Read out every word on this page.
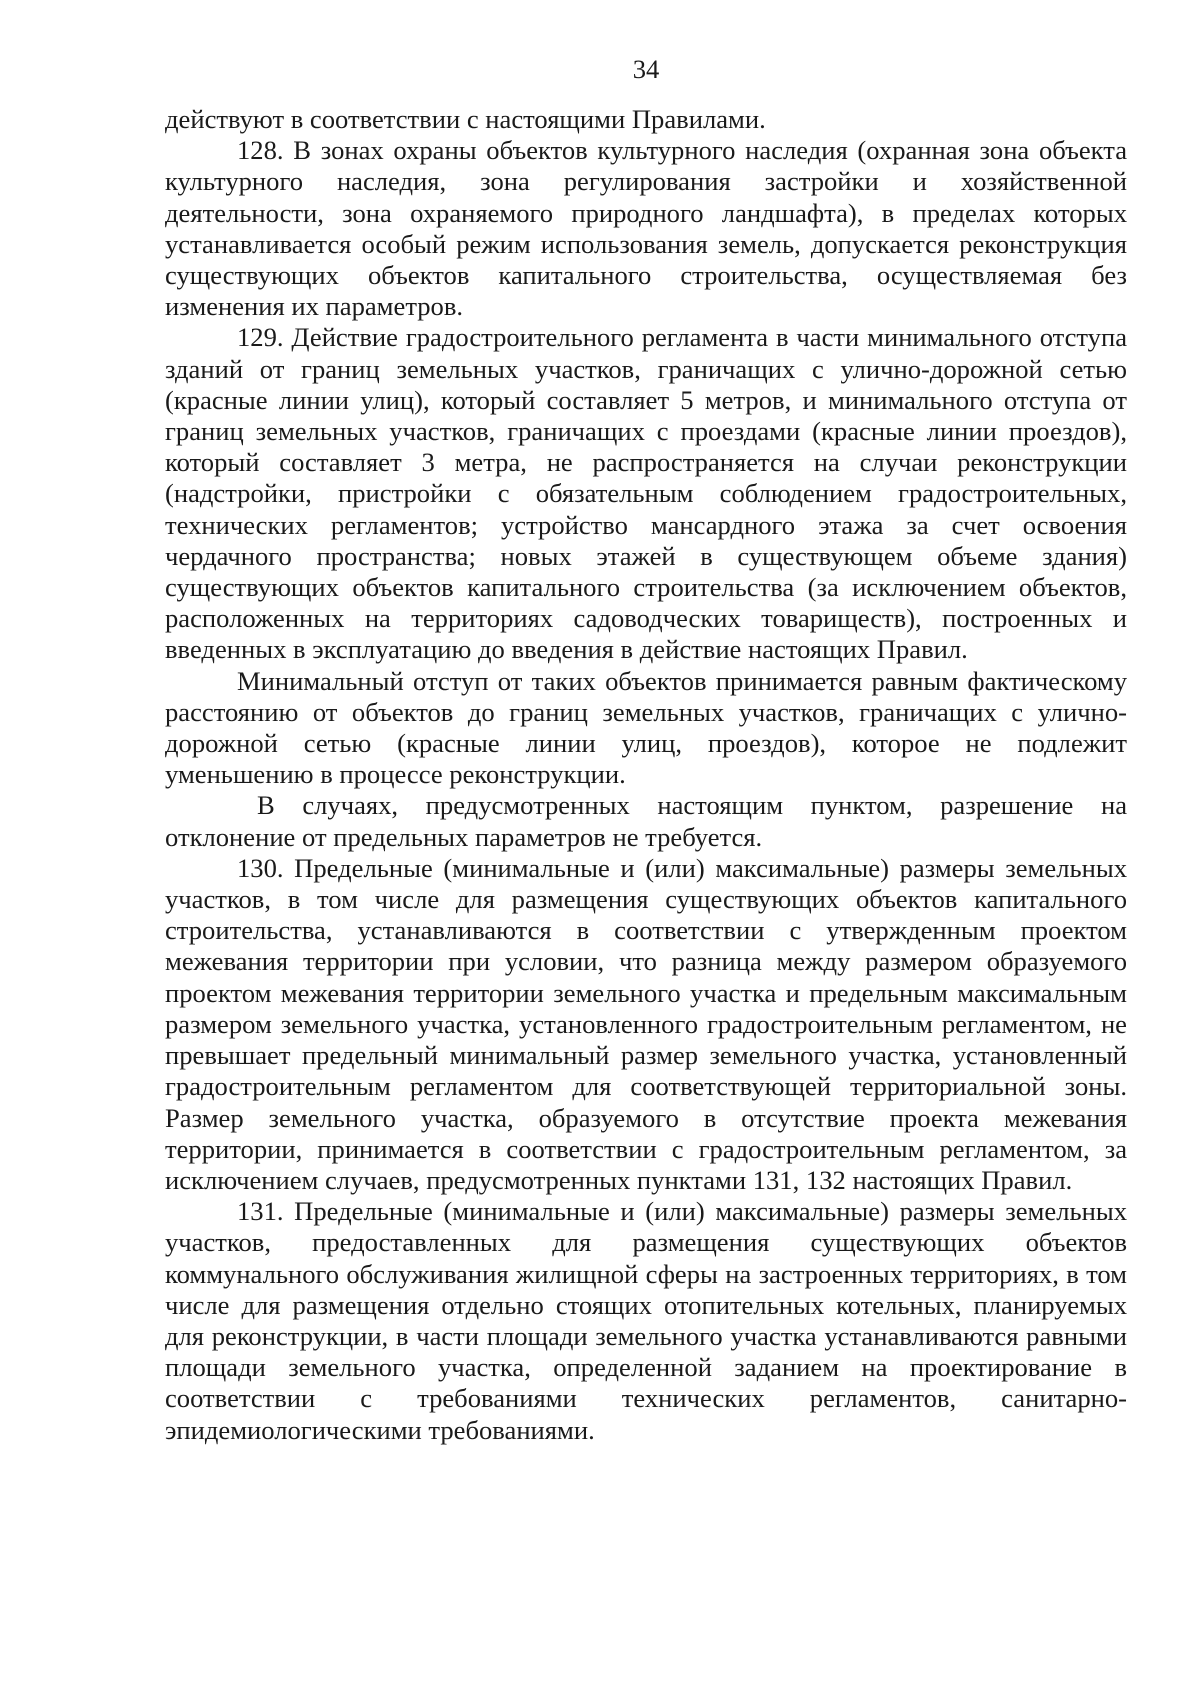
34

действуют в соответствии с настоящими Правилами.

128. В зонах охраны объектов культурного наследия (охранная зона объекта культурного наследия, зона регулирования застройки и хозяйственной деятельности, зона охраняемого природного ландшафта), в пределах которых устанавливается особый режим использования земель, допускается реконструкция существующих объектов капитального строительства, осуществляемая без изменения их параметров.

129. Действие градостроительного регламента в части минимального отступа зданий от границ земельных участков, граничащих с улично-дорожной сетью (красные линии улиц), который составляет 5 метров, и минимального отступа от границ земельных участков, граничащих с проездами (красные линии проездов), который составляет 3 метра, не распространяется на случаи реконструкции (надстройки, пристройки с обязательным соблюдением градостроительных, технических регламентов; устройство мансардного этажа за счет освоения чердачного пространства; новых этажей в существующем объеме здания) существующих объектов капитального строительства (за исключением объектов, расположенных на территориях садоводческих товариществ), построенных и введенных в эксплуатацию до введения в действие настоящих Правил.

Минимальный отступ от таких объектов принимается равным фактическому расстоянию от объектов до границ земельных участков, граничащих с улично-дорожной сетью (красные линии улиц, проездов), которое не подлежит уменьшению в процессе реконструкции.

В случаях, предусмотренных настоящим пунктом, разрешение на отклонение от предельных параметров не требуется.

130. Предельные (минимальные и (или) максимальные) размеры земельных участков, в том числе для размещения существующих объектов капитального строительства, устанавливаются в соответствии с утвержденным проектом межевания территории при условии, что разница между размером образуемого проектом межевания территории земельного участка и предельным максимальным размером земельного участка, установленного градостроительным регламентом, не превышает предельный минимальный размер земельного участка, установленный градостроительным регламентом для соответствующей территориальной зоны. Размер земельного участка, образуемого в отсутствие проекта межевания территории, принимается в соответствии с градостроительным регламентом, за исключением случаев, предусмотренных пунктами 131, 132 настоящих Правил.

131. Предельные (минимальные и (или) максимальные) размеры земельных участков, предоставленных для размещения существующих объектов коммунального обслуживания жилищной сферы на застроенных территориях, в том числе для размещения отдельно стоящих отопительных котельных, планируемых для реконструкции, в части площади земельного участка устанавливаются равными площади земельного участка, определенной заданием на проектирование в соответствии с требованиями технических регламентов, санитарно-эпидемиологическими требованиями.
